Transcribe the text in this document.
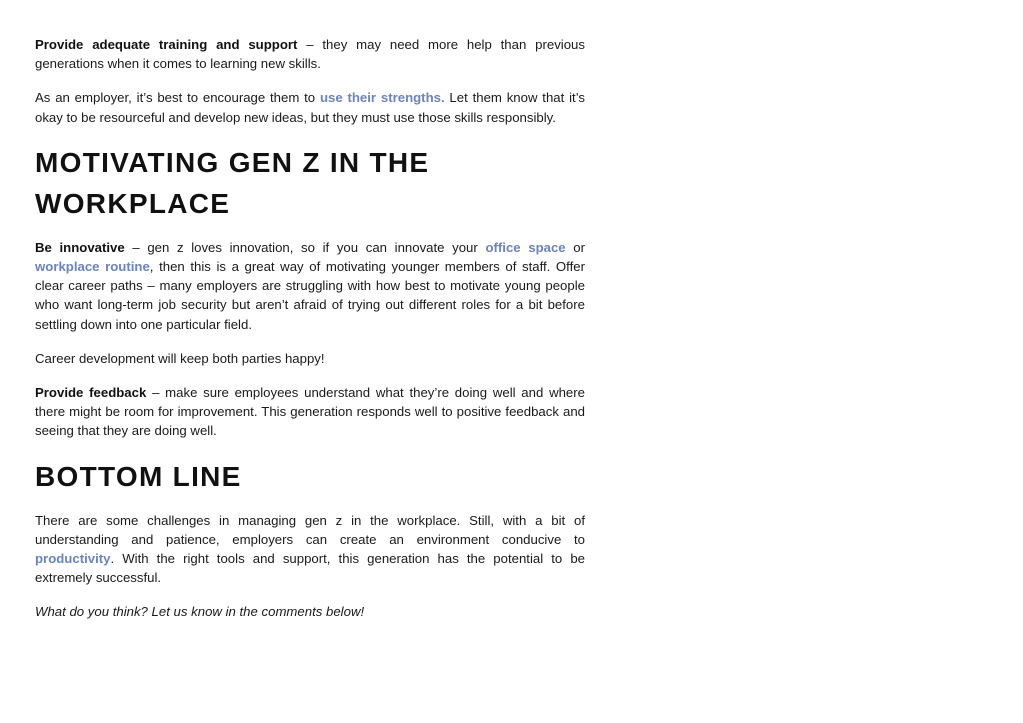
Provide adequate training and support – they may need more help than previous generations when it comes to learning new skills.

As an employer, it’s best to encourage them to use their strengths. Let them know that it’s okay to be resourceful and develop new ideas, but they must use those skills responsibly.

MOTIVATING GEN Z IN THE WORKPLACE

Be innovative – gen z loves innovation, so if you can innovate your office space or workplace routine, then this is a great way of motivating younger members of staff. Offer clear career paths – many employers are struggling with how best to motivate young people who want long-term job security but aren’t afraid of trying out different roles for a bit before settling down into one particular field.

Career development will keep both parties happy!

Provide feedback – make sure employees understand what they’re doing well and where there might be room for improvement. This generation responds well to positive feedback and seeing that they are doing well.

BOTTOM LINE

There are some challenges in managing gen z in the workplace. Still, with a bit of understanding and patience, employers can create an environment conducive to productivity. With the right tools and support, this generation has the potential to be extremely successful.

What do you think? Let us know in the comments below!
